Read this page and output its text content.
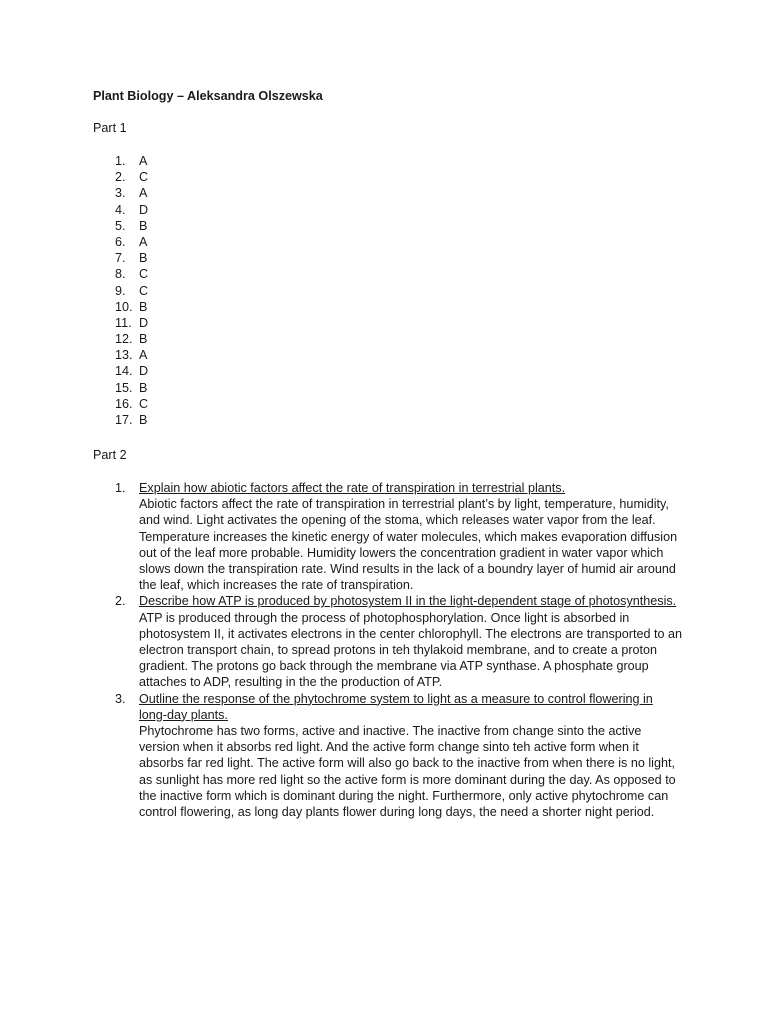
Plant Biology – Aleksandra Olszewska
Part 1
1. A
2. C
3. A
4. D
5. B
6. A
7. B
8. C
9. C
10. B
11. D
12. B
13. A
14. D
15. B
16. C
17. B
Part 2
1. Explain how abiotic factors affect the rate of transpiration in terrestrial plants.
Abiotic factors affect the rate of transpiration in terrestrial plant’s by light, temperature, humidity, and wind. Light activates the opening of the stoma, which releases water vapor from the leaf. Temperature increases the kinetic energy of water molecules, which makes evaporation diffusion out of the leaf more probable. Humidity lowers the concentration gradient in water vapor which slows down the transpiration rate. Wind results in the lack of a boundry layer of humid air around the leaf, which increases the rate of transpiration.
2. Describe how ATP is produced by photosystem II in the light-dependent stage of photosynthesis.
ATP is produced through the process of photophosphorylation. Once light is absorbed in photosystem II, it activates electrons in the center chlorophyll. The electrons are transported to an electron transport chain, to spread protons in teh thylakoid membrane, and to create a proton gradient. The protons go back through the membrane via ATP synthase. A phosphate group attaches to ADP, resulting in the the production of ATP.
3. Outline the response of the phytochrome system to light as a measure to control flowering in long-day plants.
Phytochrome has two forms, active and inactive. The inactive from change sinto the active version when it absorbs red light. And the active form change sinto teh active form when it absorbs far red light. The active form will also go back to the inactive from when there is no light, as sunlight has more red light so the active form is more dominant during the day. As opposed to the inactive form which is dominant during the night. Furthermore, only active phytochrome can control flowering, as long day plants flower during long days, the need a shorter night period.
